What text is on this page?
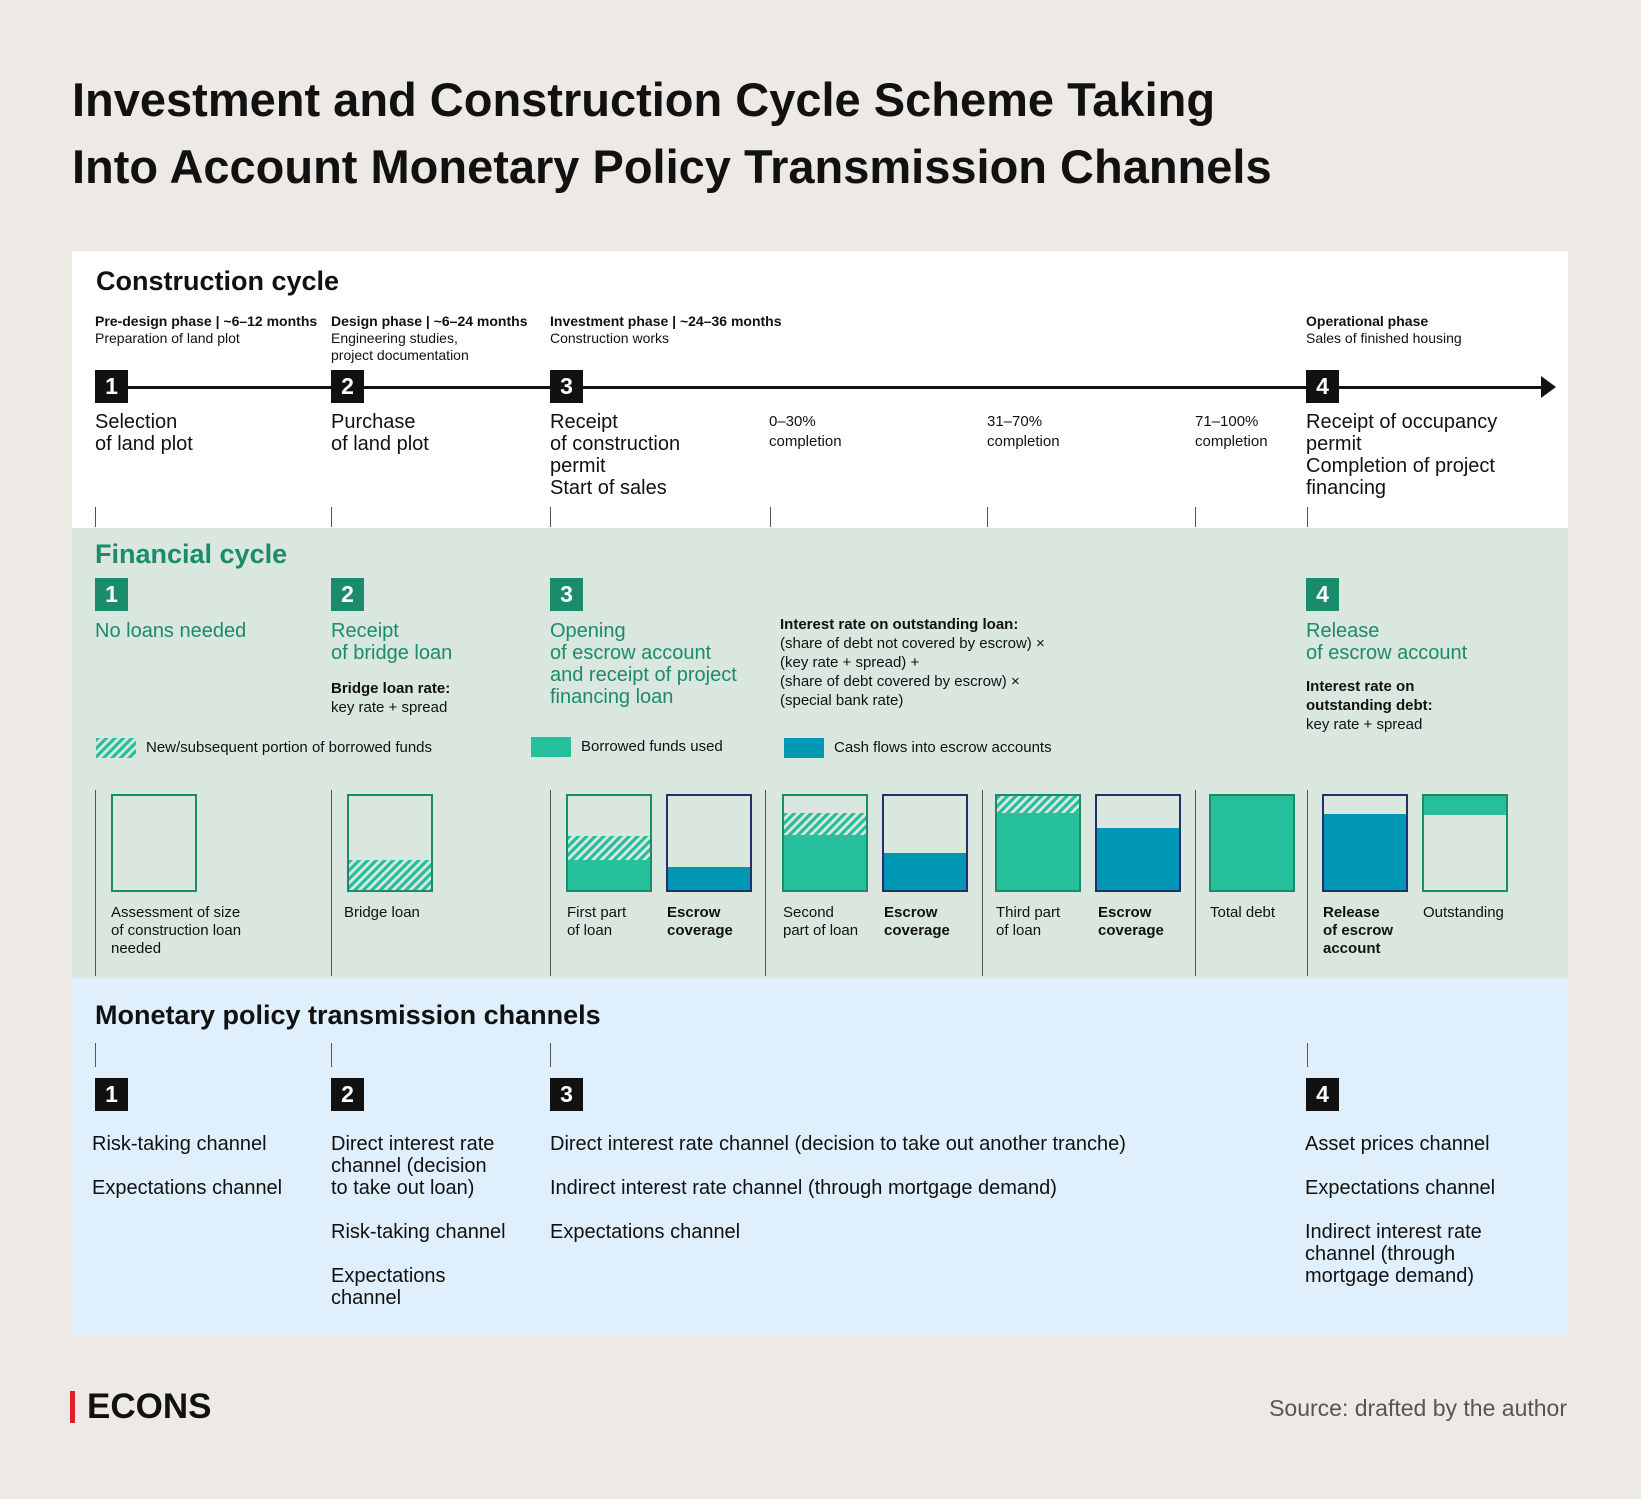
Investment and Construction Cycle Scheme Taking
Into Account Monetary Policy Transmission Channels
Construction cycle
Pre-design phase | ~6–12 months
Preparation of land plot
Design phase | ~6–24 months
Engineering studies,
project documentation
Investment phase | ~24–36 months
Construction works
Operational phase
Sales of finished housing
1	2	3	4
Selection
of land plot
Purchase
of land plot
Receipt
of construction
permit
Start of sales
Receipt of occupancy
permit
Completion of project
financing
0–30%
completion
31–70%
completion
71–100%
completion
Financial cycle
1	2	3	4
No loans needed	Receipt
of bridge loan
Bridge loan rate:
key rate + spread
Opening
of escrow account
and receipt of project
financing loan
Interest rate on outstanding loan:
(share of debt not covered by escrow) ×
(key rate + spread) +
(share of debt covered by escrow) ×
(special bank rate)
Release
of escrow account
Interest rate on
outstanding debt:
key rate + spread
New/subsequent portion of borrowed funds	Borrowed funds used	Cash flows into escrow accounts
Assessment of size
of construction loan
needed
Bridge loan	First part
of loan
Escrow
coverage
Second
part of loan
Escrow
coverage
Third part
of loan
Escrow
coverage
Total debt	Release
of escrow
account
Outstanding
Monetary policy transmission channels
1	2	3	4
Risk-taking channel
Expectations channel
Direct interest rate
channel (decision
to take out loan)
Risk-taking channel
Expectations
channel
Direct interest rate channel (decision to take out another tranche)
Indirect interest rate channel (through mortgage demand)
Expectations channel
Asset prices channel
Expectations channel
Indirect interest rate
channel (through
mortgage demand)
ECONS	Source: drafted by the author
